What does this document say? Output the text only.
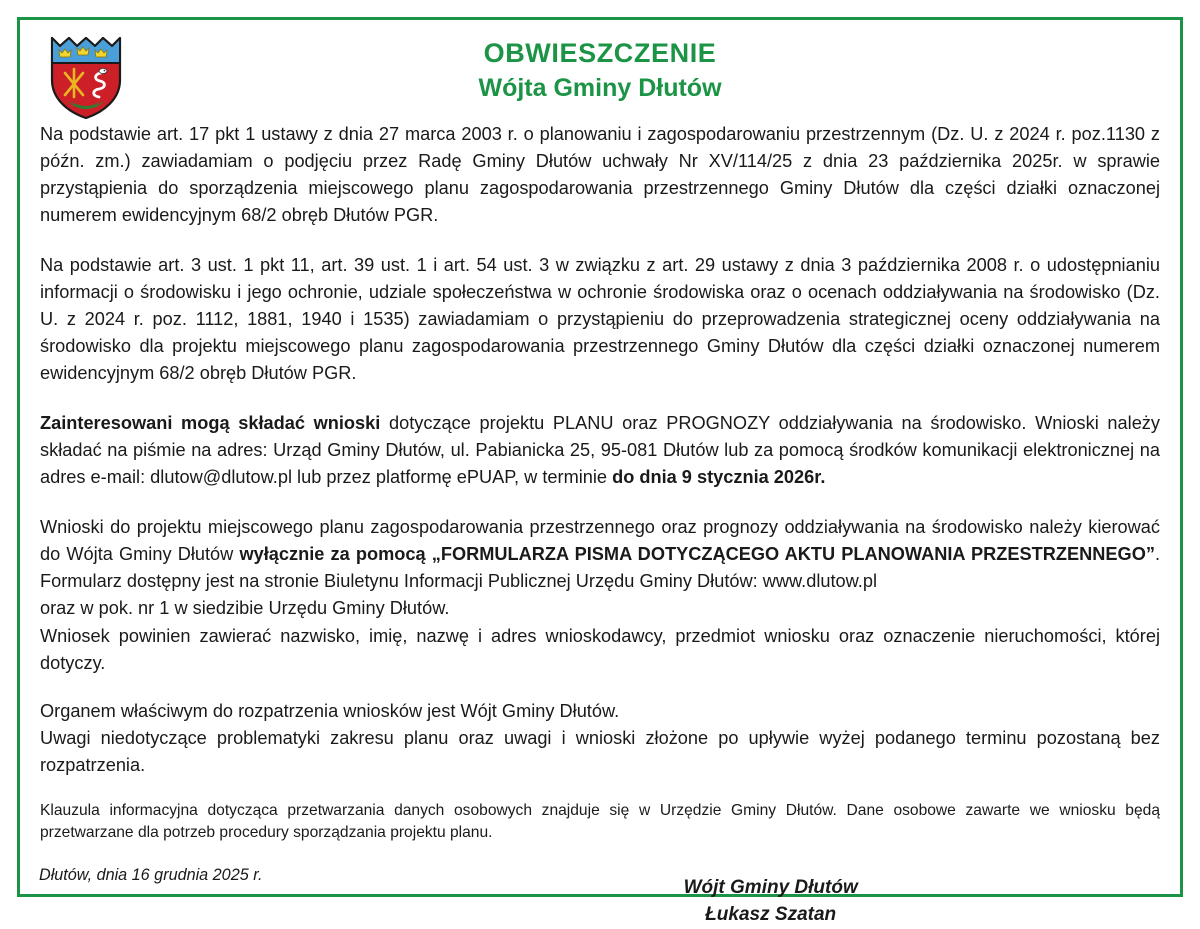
OBWIESZCZENIE
Wójta Gminy Dłutów

Na podstawie art. 17 pkt 1 ustawy z dnia 27 marca 2003 r. o planowaniu i zagospodarowaniu przestrzennym (Dz. U. z 2024 r. poz.1130 z późn. zm.) zawiadamiam o podjęciu przez Radę Gminy Dłutów uchwały Nr XV/114/25 z dnia 23 października 2025r. w sprawie przystąpienia do sporządzenia miejscowego planu zagospodarowania przestrzennego Gminy Dłutów dla części działki oznaczonej numerem ewidencyjnym 68/2 obręb Dłutów PGR.

Na podstawie art. 3 ust. 1 pkt 11, art. 39 ust. 1 i art. 54 ust. 3 w związku z art. 29 ustawy z dnia 3 października 2008 r. o udostępnianiu informacji o środowisku i jego ochronie, udziale społeczeństwa w ochronie środowiska oraz o ocenach oddziaływania na środowisko (Dz. U. z 2024 r. poz. 1112, 1881, 1940 i 1535) zawiadamiam o przystąpieniu do przeprowadzenia strategicznej oceny oddziaływania na środowisko dla projektu miejscowego planu zagospodarowania przestrzennego Gminy Dłutów dla części działki oznaczonej numerem ewidencyjnym 68/2 obręb Dłutów PGR.

Zainteresowani mogą składać wnioski dotyczące projektu PLANU oraz PROGNOZY oddziaływania na środowisko. Wnioski należy składać na piśmie na adres: Urząd Gminy Dłutów, ul. Pabianicka 25, 95-081 Dłutów lub za pomocą środków komunikacji elektronicznej na adres e-mail: dlutow@dlutow.pl lub przez platformę ePUAP, w terminie do dnia 9 stycznia 2026r.

Wnioski do projektu miejscowego planu zagospodarowania przestrzennego oraz prognozy oddziaływania na środowisko należy kierować do Wójta Gminy Dłutów wyłącznie za pomocą „FORMULARZA PISMA DOTYCZĄCEGO AKTU PLANOWANIA PRZESTRZENNEGO”. Formularz dostępny jest na stronie Biuletynu Informacji Publicznej Urzędu Gminy Dłutów: www.dlutow.pl

oraz w pok. nr 1 w siedzibie Urzędu Gminy Dłutów.

Wniosek powinien zawierać nazwisko, imię, nazwę i adres wnioskodawcy, przedmiot wniosku oraz oznaczenie nieruchomości, której dotyczy.

Organem właściwym do rozpatrzenia wniosków jest Wójt Gminy Dłutów.

Uwagi niedotyczące problematyki zakresu planu oraz uwagi i wnioski złożone po upływie wyżej podanego terminu pozostaną bez rozpatrzenia.

Klauzula informacyjna dotycząca przetwarzania danych osobowych znajduje się w Urzędzie Gminy Dłutów. Dane osobowe zawarte we wniosku będą przetwarzane dla potrzeb procedury sporządzania projektu planu.

Wójt Gminy Dłutów
Łukasz Szatan
Dłutów, dnia 16 grudnia 2025 r.
